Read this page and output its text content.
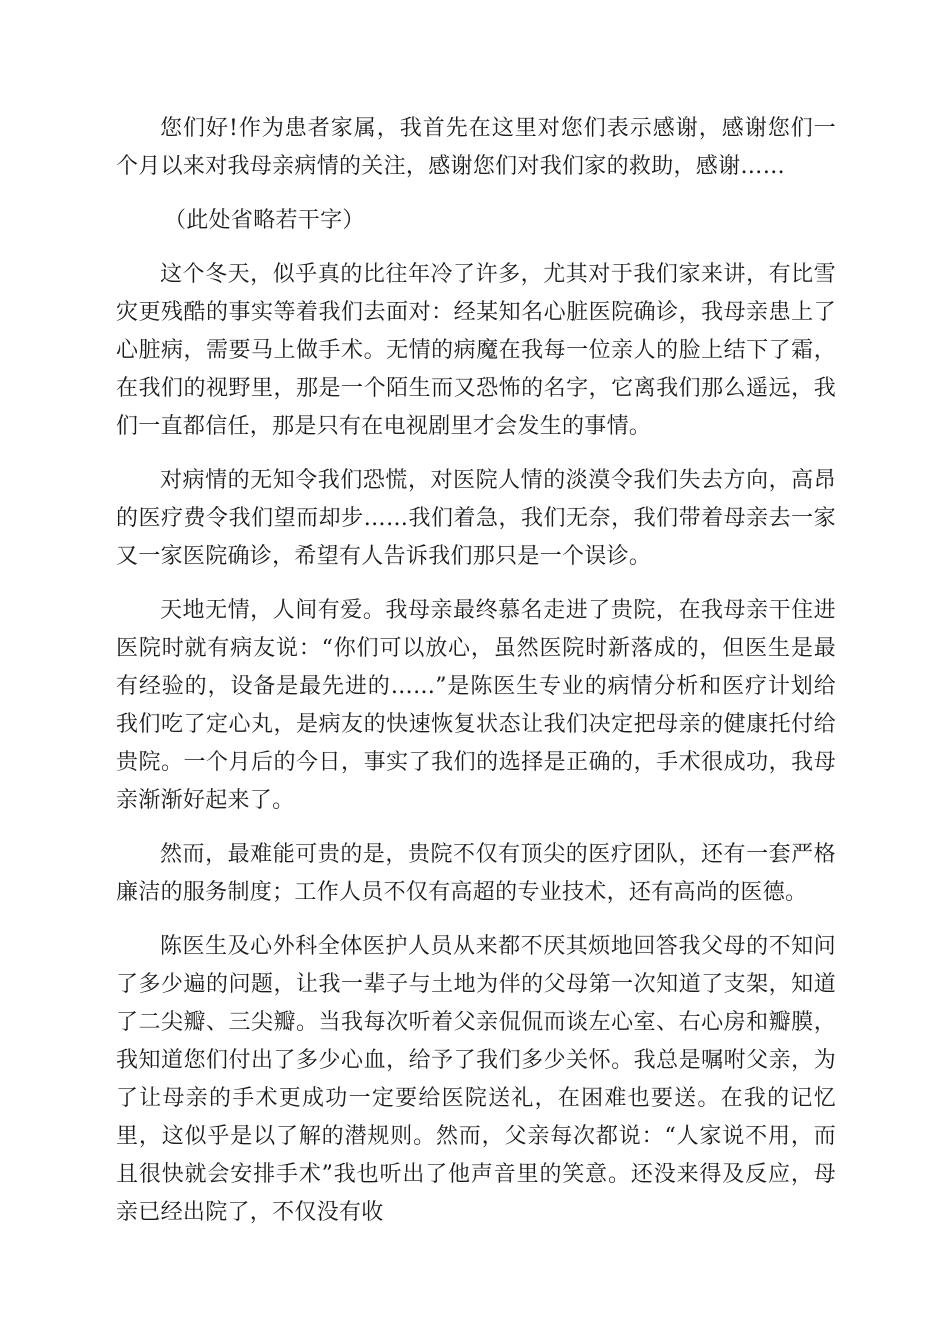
您们好!作为患者家属，我首先在这里对您们表示感谢，感谢您们一个月以来对我母亲病情的关注，感谢您们对我们家的救助，感谢……

（此处省略若干字）

这个冬天，似乎真的比往年冷了许多，尤其对于我们家来讲，有比雪灾更残酷的事实等着我们去面对：经某知名心脏医院确诊，我母亲患上了心脏病，需要马上做手术。无情的病魔在我每一位亲人的脸上结下了霜，在我们的视野里，那是一个陌生而又恐怖的名字，它离我们那么遥远，我们一直都信任，那是只有在电视剧里才会发生的事情。

对病情的无知令我们恐慌，对医院人情的淡漠令我们失去方向，高昂的医疗费令我们望而却步……我们着急，我们无奈，我们带着母亲去一家又一家医院确诊，希望有人告诉我们那只是一个误诊。

天地无情，人间有爱。我母亲最终慕名走进了贵院，在我母亲干住进医院时就有病友说：“你们可以放心，虽然医院时新落成的，但医生是最有经验的，设备是最先进的……”是陈医生专业的病情分析和医疗计划给我们吃了定心丸，是病友的快速恢复状态让我们决定把母亲的健康托付给贵院。一个月后的今日，事实了我们的选择是正确的，手术很成功，我母亲渐渐好起来了。

然而，最难能可贵的是，贵院不仅有顶尖的医疗团队，还有一套严格廉洁的服务制度；工作人员不仅有高超的专业技术，还有高尚的医德。

陈医生及心外科全体医护人员从来都不厌其烦地回答我父母的不知问了多少遍的问题，让我一辈子与土地为伴的父母第一次知道了支架，知道了二尖瓣、三尖瓣。当我每次听着父亲侃侃而谈左心室、右心房和瓣膜，我知道您们付出了多少心血，给予了我们多少关怀。我总是嘱咐父亲，为了让母亲的手术更成功一定要给医院送礼，在困难也要送。在我的记忆里，这似乎是以了解的潜规则。然而，父亲每次都说：“人家说不用，而且很快就会安排手术”我也听出了他声音里的笑意。还没来得及反应，母亲已经出院了，不仅没有收
